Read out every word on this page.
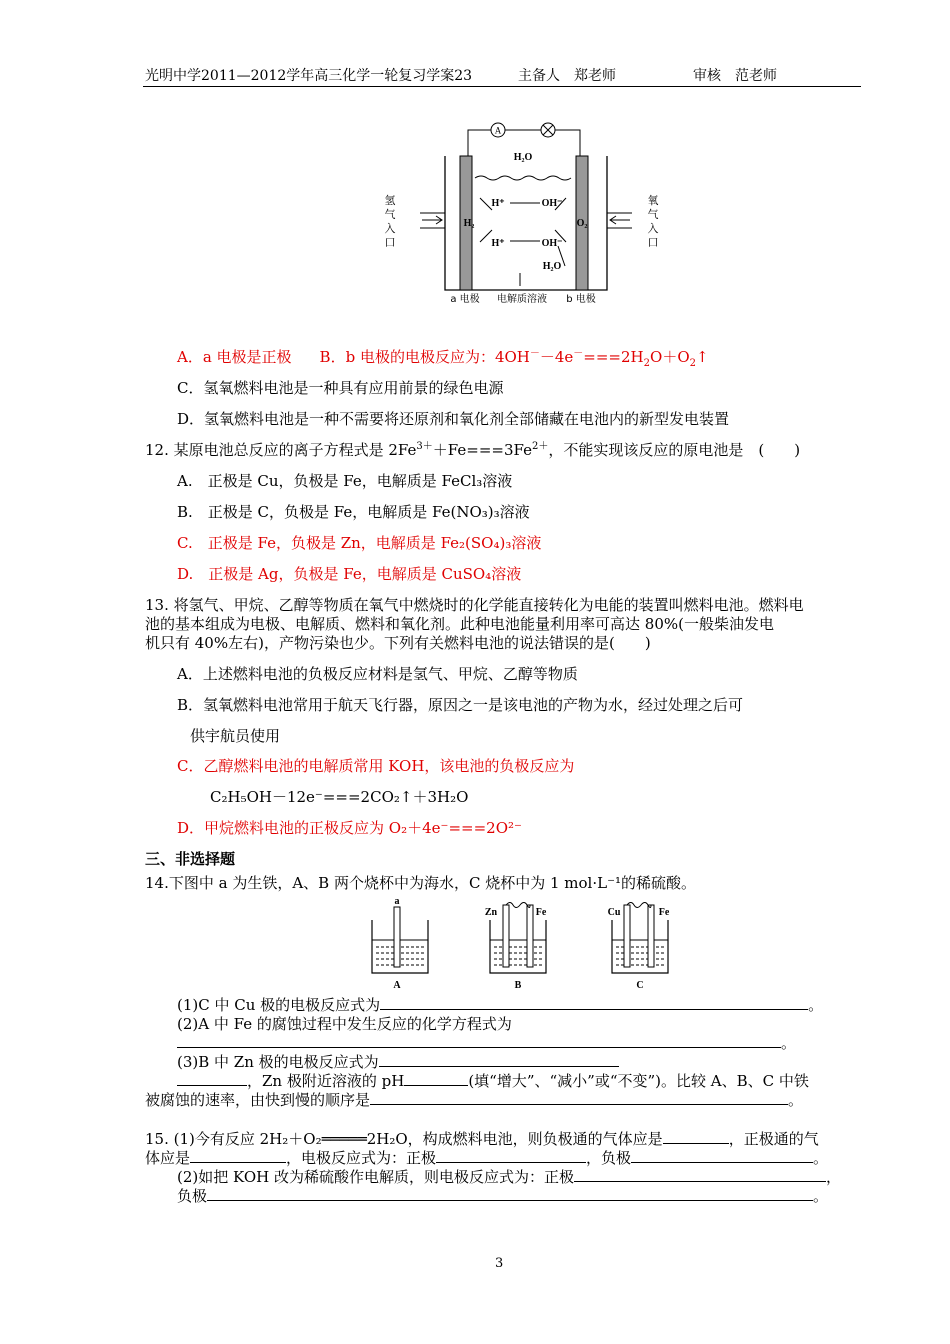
光明中学2011—2012学年高三化学一轮复习学案23	主备人　郑老师	审核　范老师
A
H₂O
H⁺	OH⁻
H⁺	OH⁻
H₂	O₂
H₂O
氢
气
入
口
氧
气
入
口
a 电极 电解质溶液 b 电极
A．a 电极是正极 B．b 电极的电极反应为：$4OH^--4e^-===2H_2O+O_2↑$
C．氢氧燃料电池是一种具有应用前景的绿色电源
D．氢氧燃料电池是一种不需要将还原剂和氧化剂全部储藏在电池内的新型发电装置
12. 某原电池总反应的离子方程式是 $2Fe^{3+}+Fe===3Fe^{2+}$，不能实现该反应的原电池是　(　　)
A.　正极是 Cu，负极是 Fe，电解质是 FeCl₃溶液
B.　正极是 C，负极是 Fe，电解质是 Fe(NO₃)₃溶液
C.　正极是 Fe，负极是 Zn，电解质是 Fe₂(SO₄)₃溶液
D.　正极是 Ag，负极是 Fe，电解质是 CuSO₄溶液
13. 将氢气、甲烷、乙醇等物质在氧气中燃烧时的化学能直接转化为电能的装置叫燃料电池。燃料电
池的基本组成为电极、电解质、燃料和氧化剂。此种电池能量利用率可高达 80%(一般柴油发电
机只有 40%左右)，产物污染也少。下列有关燃料电池的说法错误的是(　　)
A．上述燃料电池的负极反应材料是氢气、甲烷、乙醇等物质
B．氢氧燃料电池常用于航天飞行器，原因之一是该电池的产物为水，经过处理之后可
供宇航员使用
C．乙醇燃料电池的电解质常用 KOH，该电池的负极反应为
C₂H₅OH－12e⁻===2CO₂↑＋3H₂O
D．甲烷燃料电池的正极反应为 O₂＋4e⁻===2O²⁻
三、非选择题
14.下图中 a 为生铁，A、B 两个烧杯中为海水，C 烧杯中为 1 mol·L⁻¹的稀硫酸。
a
A
Zn	Fe
B
Cu	Fe
C
(1)C 中 Cu 极的电极反应式为	。
(2)A 中 Fe 的腐蚀过程中发生反应的化学方程式为
。
(3)B 中 Zn 极的电极反应式为
，Zn 极附近溶液的 pH	(填“增大”、“减小”或“不变”)。比较 A、B、C 中铁
被腐蚀的速率，由快到慢的顺序是	。
15. (1)今有反应 2H₂＋O₂═════2H₂O，构成燃料电池，则负极通的气体应是	，正极通的气
体应是	，电极反应式为：正极	，负极	。
(2)如把 KOH 改为稀硫酸作电解质，则电极反应式为：正极	，
负极	。
3
